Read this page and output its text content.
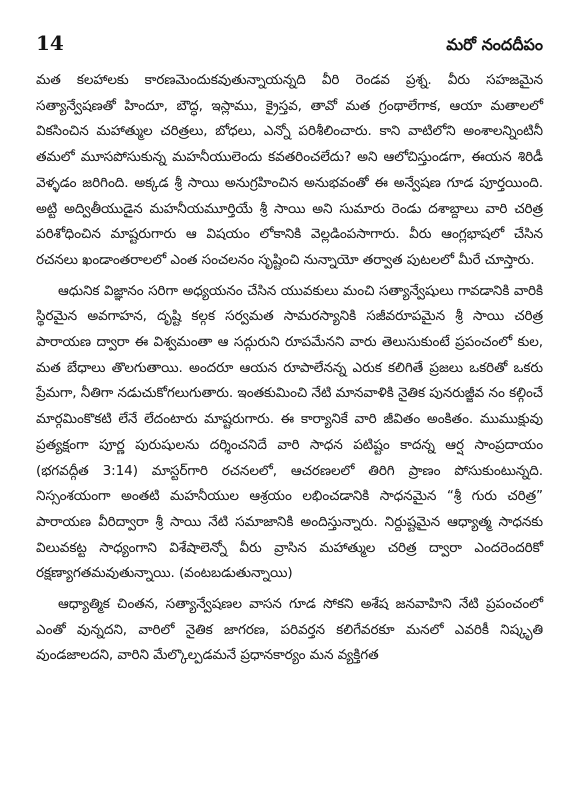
14	మరో నందదీపం

మత కలహాలకు కారణమెందుకవుతున్నాయన్నది వీరి రెండవ ప్రశ్న. వీరు సహజమైన సత్యాన్వేషణతో హిందూ, బౌద్ధ, ఇస్లాము, క్రైస్తవ, తావో మత గ్రంథాలేగాక, ఆయా మతాలలో వికసించిన మహాత్ముల చరిత్రలు, బోధలు, ఎన్నో పరిశీలించారు. కాని వాటిలోని అంశాలన్నింటినీ తమలో మూసపోసుకున్న మహనీయులెందు కవతరించలేదు? అని ఆలోచిస్తుండగా, ఈయన శిరిడీ వెళ్ళడం జరిగింది. అక్కడ శ్రీ సాయి అనుగ్రహించిన అనుభవంతో ఈ అన్వేషణ గూడ పూర్తయింది. అట్టి అద్వితీయుడైన మహనీయమూర్తియే శ్రీ సాయి అని సుమారు రెండు దశాబ్దాలు వారి చరిత్ర పరిశోధించిన మాష్టరుగారు ఆ విషయం లోకానికి వెల్లడింపసాగారు. వీరు ఆంగ్లభాషలో చేసిన రచనలు ఖండాంతరాలలో ఎంత సంచలనం సృష్టించి నున్నాయో తర్వాత పుటలలో మీరే చూస్తారు.

ఆధునిక విజ్ఞానం సరిగా అధ్యయనం చేసిన యువకులు మంచి సత్యాన్వేషులు గావడానికి వారికి స్థిరమైన అవగాహన, దృష్టి కల్గక సర్వమత సామరస్యానికి సజీవరూపమైన శ్రీ సాయి చరిత్ర పారాయణ ద్వారా ఈ విశ్వమంతా ఆ సద్గురుని రూపమేనని వారు తెలుసుకుంటే ప్రపంచంలో కుల, మత బేధాలు తొలగుతాయి. అందరూ ఆయన రూపాలేనన్న ఎరుక కలిగితే ప్రజలు ఒకరితో ఒకరు ప్రేమగా, నీతిగా నడుచుకోగలుగుతారు. ఇంతకుమించి నేటి మానవాళికి నైతిక పునరుజ్జీవ నం కల్గించే మార్గమింకొకటి లేనే లేదంటారు మాష్టరుగారు. ఈ కార్యానికే వారి జీవితం అంకితం. ముముక్షువు ప్రత్యక్షంగా పూర్ణ పురుషులను దర్శించనిదే వారి సాధన పటిష్టం కాదన్న ఆర్ష సాంప్రదాయం (భగవద్గీత 3:14) మాస్టర్‌గారి రచనలలో, ఆచరణలలో తిరిగి ప్రాణం పోసుకుంటున్నది. నిస్సంశయంగా అంతటి మహనీయుల ఆశ్రయం లభించడానికి సాధనమైన “శ్రీ గురు చరిత్ర” పారాయణ వీరిద్వారా శ్రీ సాయి నేటి సమాజానికి అందిస్తున్నారు. నిర్దుష్టమైన ఆధ్యాత్మ సాధనకు విలువకట్ట సాధ్యంగాని విశేషాలెన్నో వీరు వ్రాసిన మహాత్ముల చరిత్ర ద్వారా ఎందరెందరికో రక్షణ్యాగతమవుతున్నాయి. (వంటబడుతున్నాయి)

ఆధ్యాత్మిక చింతన, సత్యాన్వేషణల వాసన గూడ సోకని అశేష జనవాహిని నేటి ప్రపంచంలో ఎంతో వున్నదని, వారిలో నైతిక జాగరణ, పరివర్తన కలిగేవరకూ మనలో ఎవరికీ నిష్కృతి వుండజాలదని, వారిని మేల్కొల్పడమనే ప్రధానకార్యం మన వ్యక్తిగత
